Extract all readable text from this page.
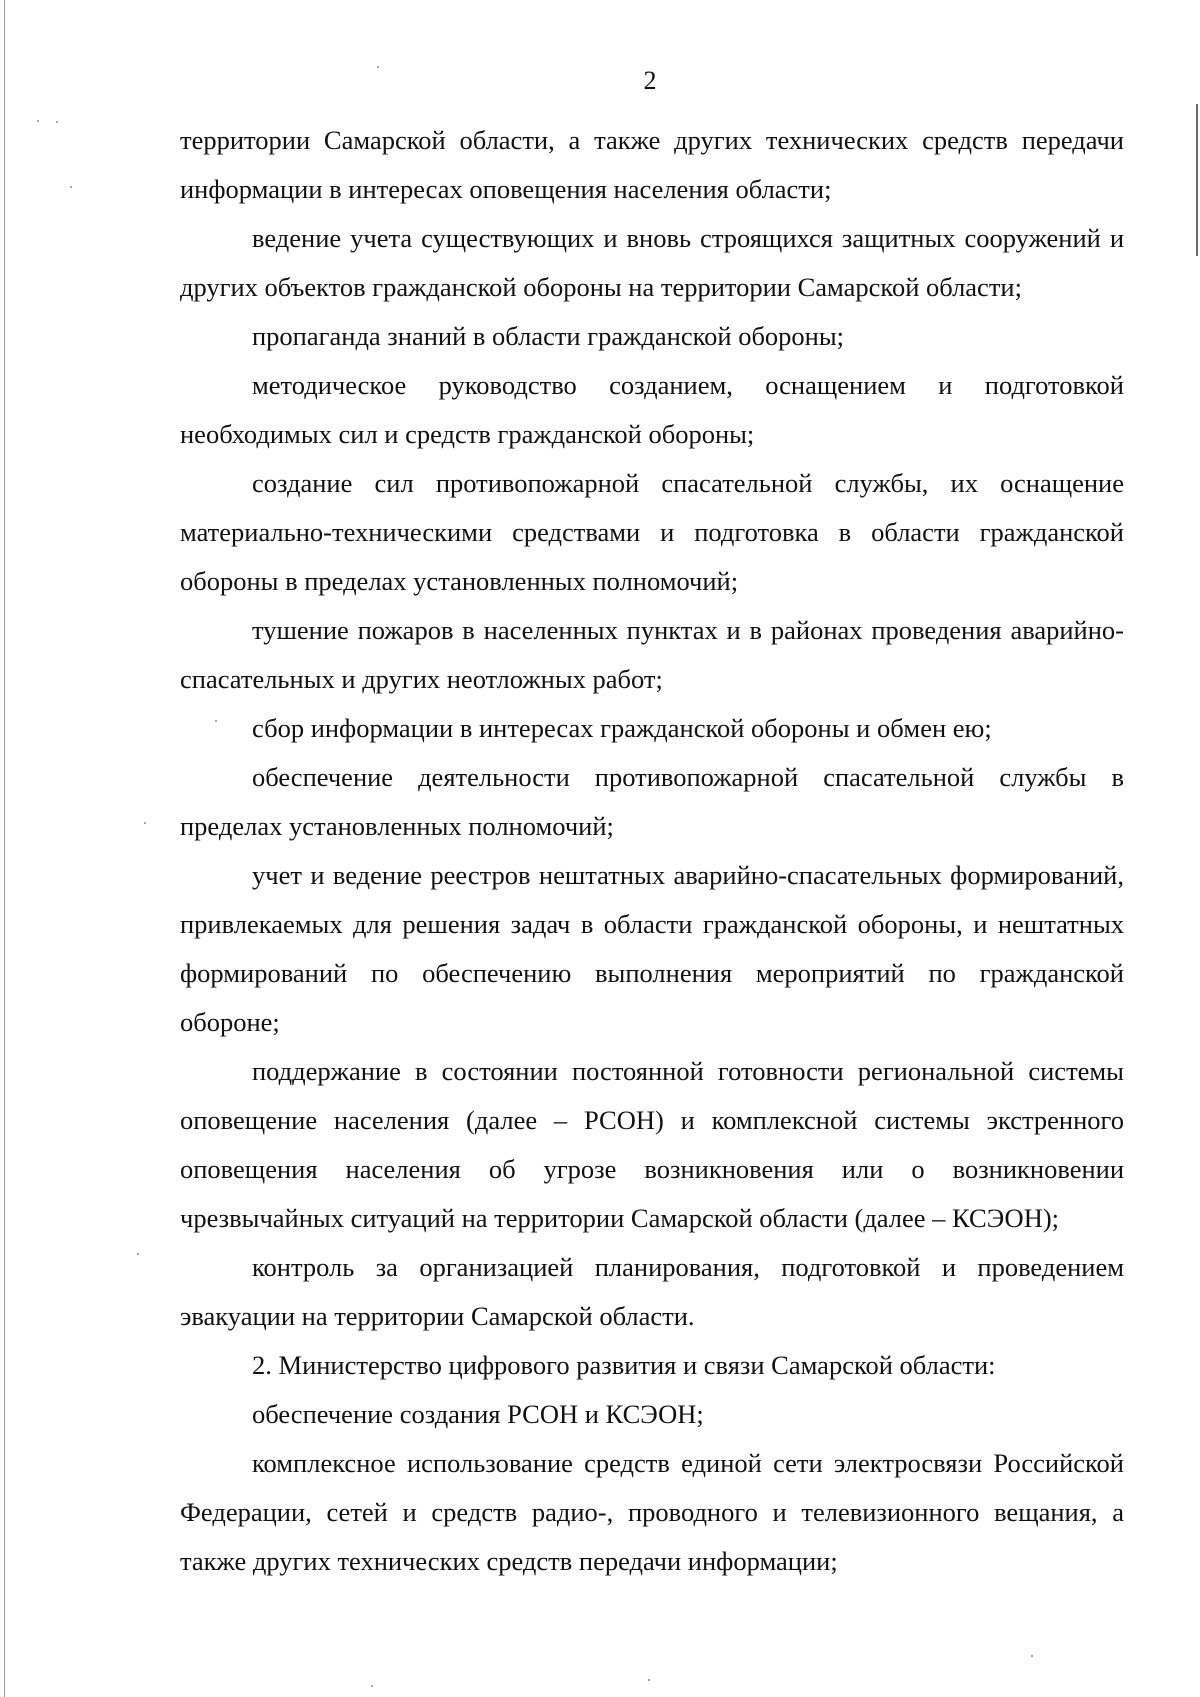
2

территории Самарской области, а также других технических средств передачи информации в интересах оповещения населения области;

ведение учета существующих и вновь строящихся защитных сооружений и других объектов гражданской обороны на территории Самарской области;

пропаганда знаний в области гражданской обороны;

методическое руководство созданием, оснащением и подготовкой необходимых сил и средств гражданской обороны;

создание сил противопожарной спасательной службы, их оснащение материально-техническими средствами и подготовка в области гражданской обороны в пределах установленных полномочий;

тушение пожаров в населенных пунктах и в районах проведения аварийно-спасательных и других неотложных работ;

сбор информации в интересах гражданской обороны и обмен ею;

обеспечение деятельности противопожарной спасательной службы в пределах установленных полномочий;

учет и ведение реестров нештатных аварийно-спасательных формирований, привлекаемых для решения задач в области гражданской обороны, и нештатных формирований по обеспечению выполнения мероприятий по гражданской обороне;

поддержание в состоянии постоянной готовности региональной системы оповещение населения (далее – РСОН) и комплексной системы экстренного оповещения населения об угрозе возникновения или о возникновении чрезвычайных ситуаций на территории Самарской области (далее – КСЭОН);

контроль за организацией планирования, подготовкой и проведением эвакуации на территории Самарской области.

2. Министерство цифрового развития и связи Самарской области:

обеспечение создания РСОН и КСЭОН;

комплексное использование средств единой сети электросвязи Российской Федерации, сетей и средств радио-, проводного и телевизионного вещания, а также других технических средств передачи информации;
